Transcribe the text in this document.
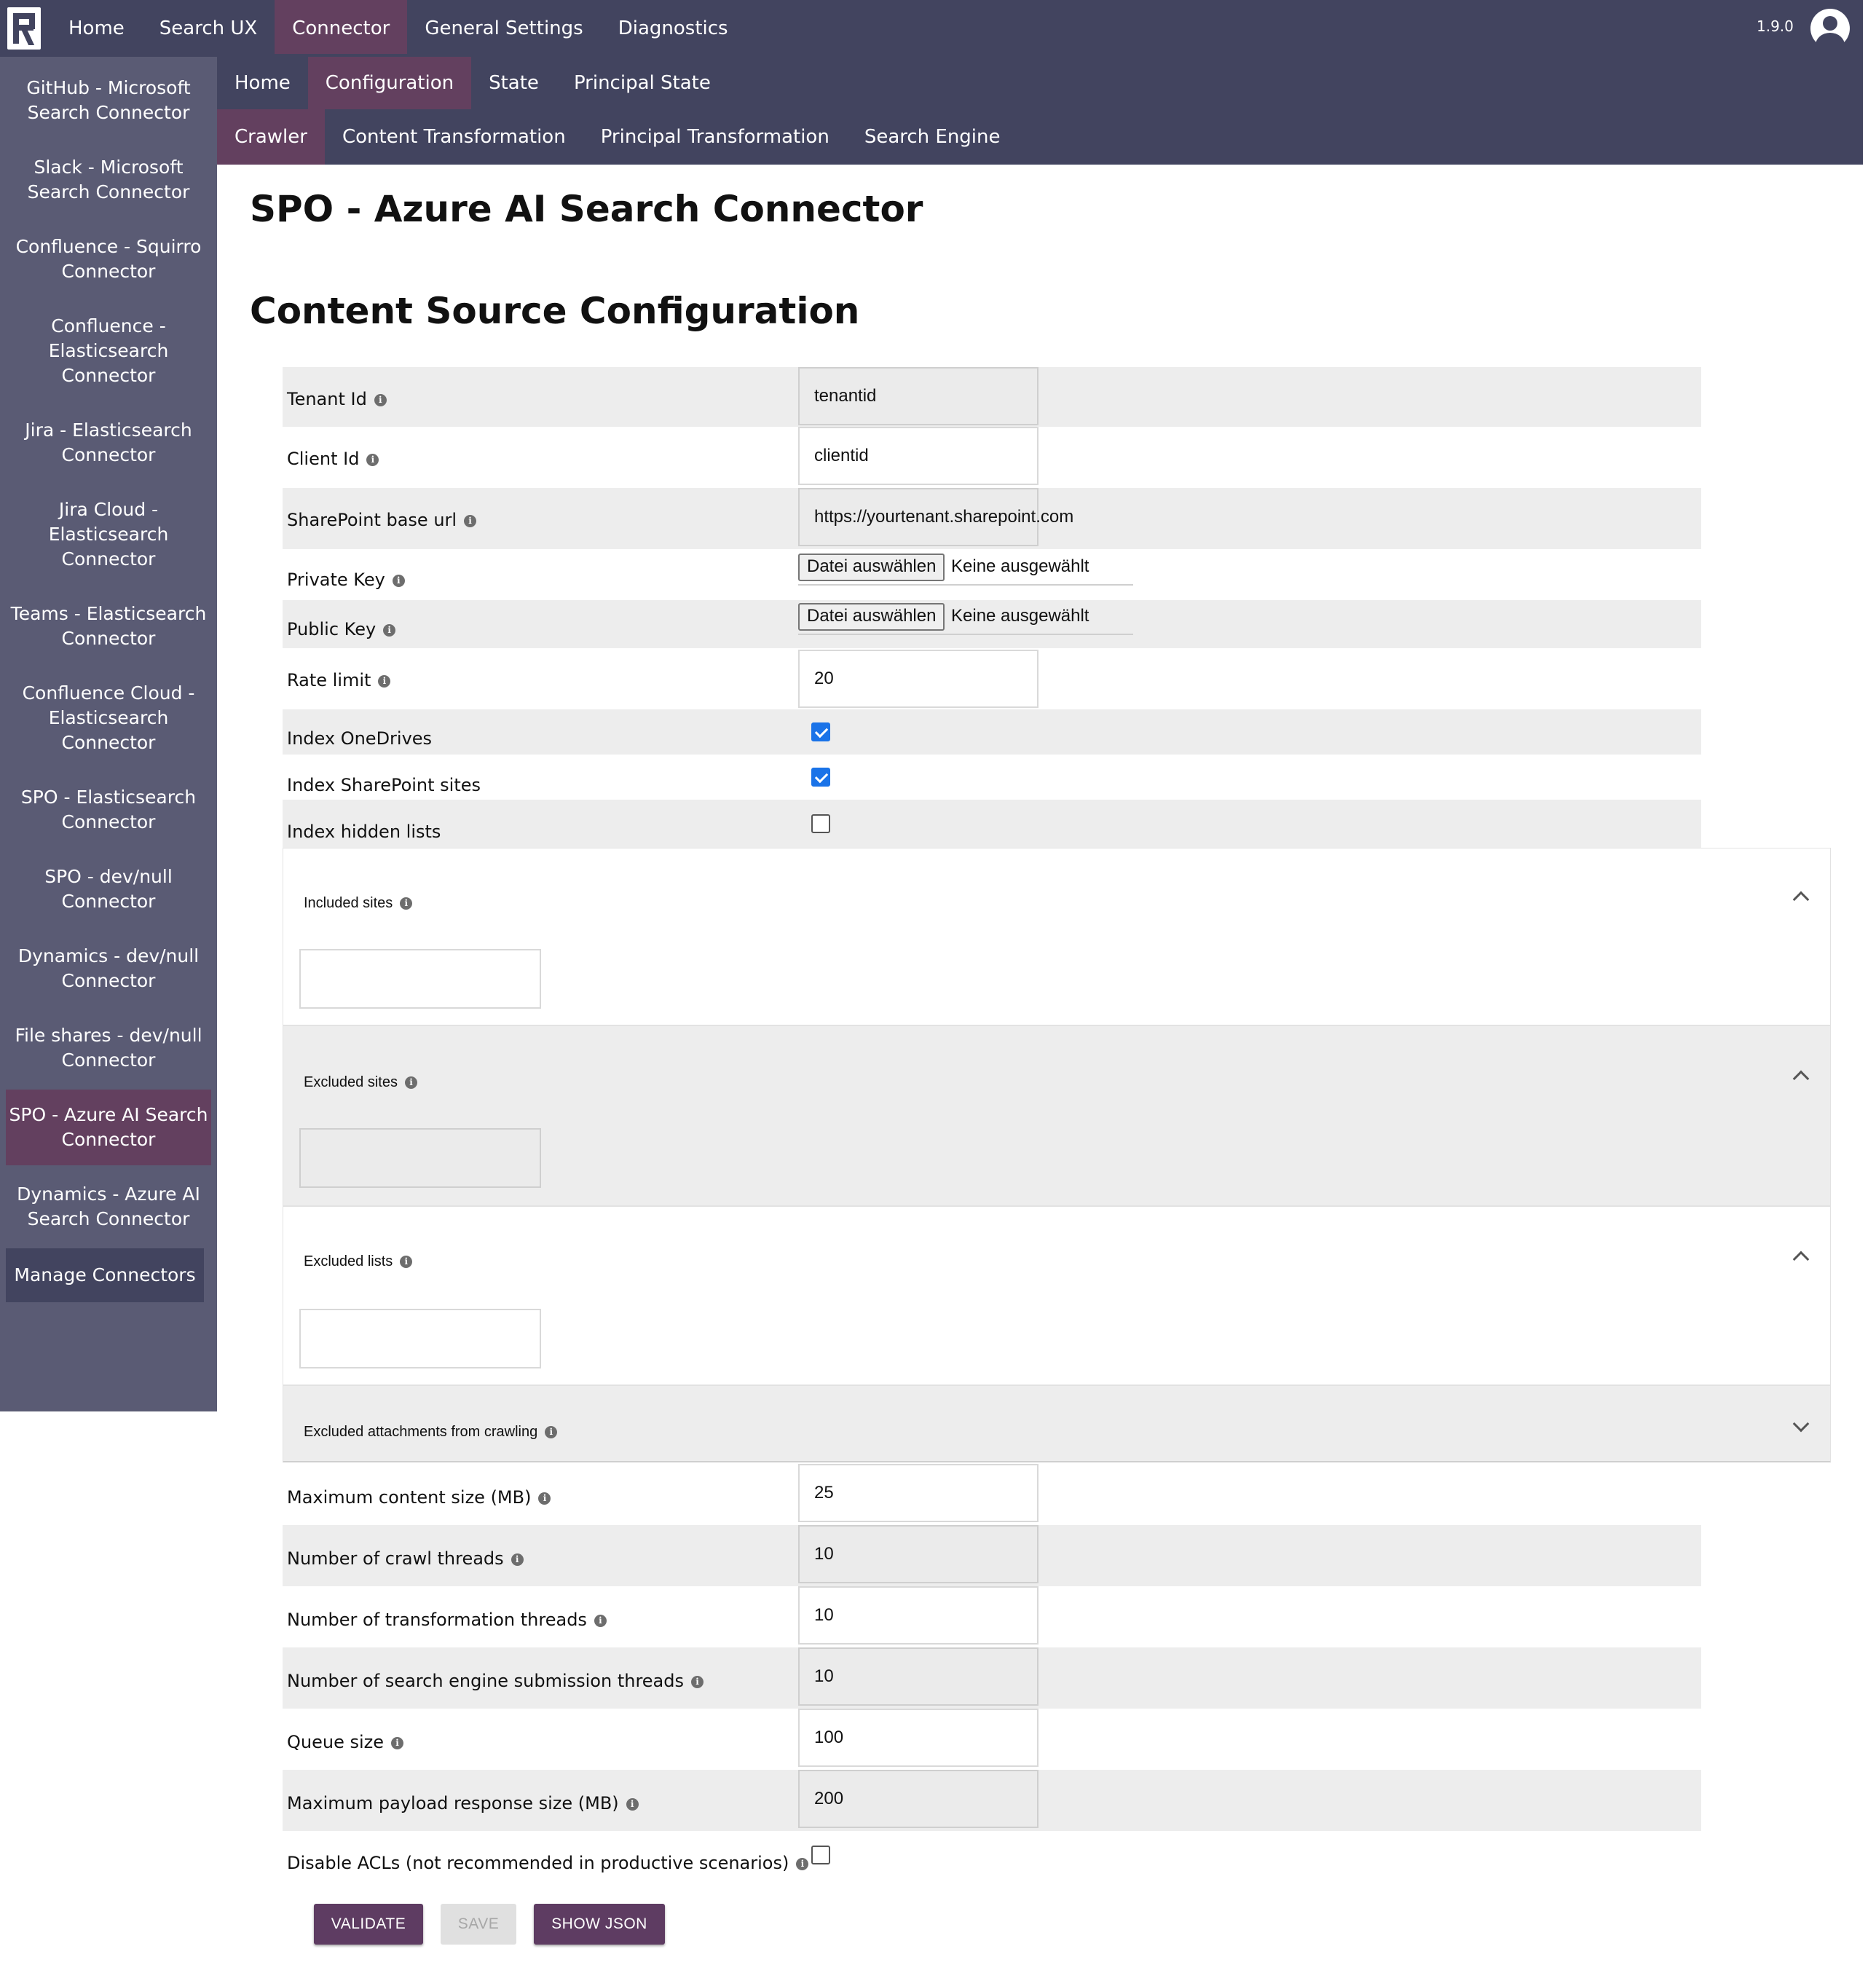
Home	Search UX	Connector	General Settings	Diagnostics	1.9.0
GitHub - Microsoft Search Connector
Slack - Microsoft Search Connector
Confluence - Squirro Connector
Confluence - Elasticsearch Connector
Jira - Elasticsearch Connector
Jira Cloud - Elasticsearch Connector
Teams - Elasticsearch Connector
Confluence Cloud - Elasticsearch Connector
SPO - Elasticsearch Connector
SPO - dev/null Connector
Dynamics - dev/null Connector
File shares - dev/null Connector
SPO - Azure AI Search Connector
Dynamics - Azure AI Search Connector
Manage Connectors
Home	Configuration	State	Principal State
Crawler	Content Transformation	Principal Transformation	Search Engine
SPO - Azure AI Search Connector
Content Source Configuration
Tenant Id i	tenantid
Client Id i	clientid
SharePoint base url i	https://yourtenant.sharepoint.com
Private Key i
Datei auswählen Keine ausgewählt
Public Key i
Datei auswählen Keine ausgewählt
Rate limit i	20
Index OneDrives
Index SharePoint sites
Index hidden lists
Included sites i
Excluded sites i
Excluded lists i
Excluded attachments from crawling i
Maximum content size (MB) i	25
Number of crawl threads i	10
Number of transformation threads i	10
Number of search engine submission threads i	10
Queue size i	100
Maximum payload response size (MB) i	200
Disable ACLs (not recommended in productive scenarios) i
VALIDATE	SAVE	SHOW JSON
